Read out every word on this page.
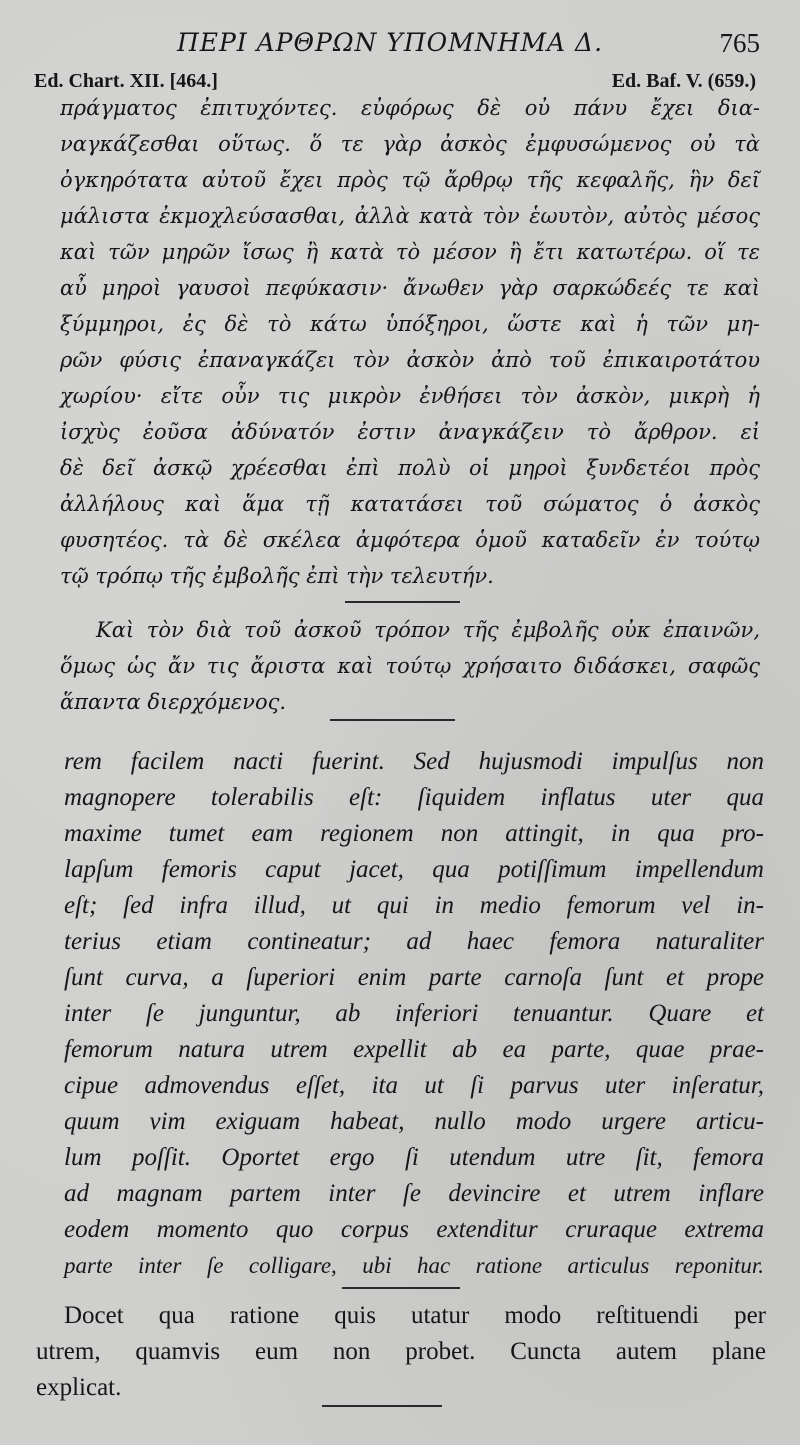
ΠΕΡΙ ΑΡΘΡΩΝ ΥΠΟΜΝΗΜΑ Δ.	765
Ed. Chart. XII. [464.]	Ed. Baf. V. (659.)
πράγματος ἐπιτυχόντες. εὐφόρως δὲ οὐ πάνυ ἔχει δια-
ναγκάζεσθαι οὕτως. ὅ τε γὰρ ἀσκὸς ἐμφυσώμενος οὐ τὰ
ὀγκηρότατα αὐτοῦ ἔχει πρὸς τῷ ἄρθρῳ τῆς κεφαλῆς, ἣν δεῖ
μάλιστα ἐκμοχλεύσασθαι, ἀλλὰ κατὰ τὸν ἑωυτὸν, αὐτὸς μέσος
καὶ τῶν μηρῶν ἴσως ἢ κατὰ τὸ μέσον ἢ ἔτι κατωτέρω. οἵ τε
αὖ μηροὶ γαυσοὶ πεφύκασιν· ἄνωθεν γὰρ σαρκώδεές τε καὶ
ξύμμηροι, ἐς δὲ τὸ κάτω ὑπόξηροι, ὥστε καὶ ἡ τῶν μη-
ρῶν φύσις ἐπαναγκάζει τὸν ἀσκὸν ἀπὸ τοῦ ἐπικαιροτάτου
χωρίου· εἴτε οὖν τις μικρὸν ἐνθήσει τὸν ἀσκὸν, μικρὴ ἡ
ἰσχὺς ἐοῦσα ἀδύνατόν ἐστιν ἀναγκάζειν τὸ ἄρθρον. εἰ
δὲ δεῖ ἀσκῷ χρέεσθαι ἐπὶ πολὺ οἱ μηροὶ ξυνδετέοι πρὸς
ἀλλήλους καὶ ἅμα τῇ κατατάσει τοῦ σώματος ὁ ἀσκὸς
φυσητέος. τὰ δὲ σκέλεα ἀμφότερα ὁμοῦ καταδεῖν ἐν τούτῳ
τῷ τρόπῳ τῆς ἐμβολῆς ἐπὶ τὴν τελευτήν.
Καὶ τὸν διὰ τοῦ ἀσκοῦ τρόπον τῆς ἐμβολῆς οὐκ ἐπαινῶν,
ὅμως ὡς ἄν τις ἄριστα καὶ τούτῳ χρήσαιτο διδάσκει, σαφῶς
ἅπαντα διερχόμενος.
rem facilem nacti fuerint. Sed hujusmodi impulſus non
magnopere tolerabilis eſt: ſiquidem inflatus uter qua
maxime tumet eam regionem non attingit, in qua pro-
lapſum femoris caput jacet, qua potiſſimum impellendum
eſt; ſed infra illud, ut qui in medio femorum vel in-
terius etiam contineatur; ad haec femora naturaliter
ſunt curva, a ſuperiori enim parte carnoſa ſunt et prope
inter ſe junguntur, ab inferiori tenuantur. Quare et
femorum natura utrem expellit ab ea parte, quae prae-
cipue admovendus eſſet, ita ut ſi parvus uter inſeratur,
quum vim exiguam habeat, nullo modo urgere articu-
lum poſſit. Oportet ergo ſi utendum utre ſit, femora
ad magnam partem inter ſe devincire et utrem inflare
eodem momento quo corpus extenditur cruraque extrema
parte inter ſe colligare, ubi hac ratione articulus reponitur.
Docet qua ratione quis utatur modo reſtituendi per
utrem, quamvis eum non probet. Cuncta autem plane
explicat.
